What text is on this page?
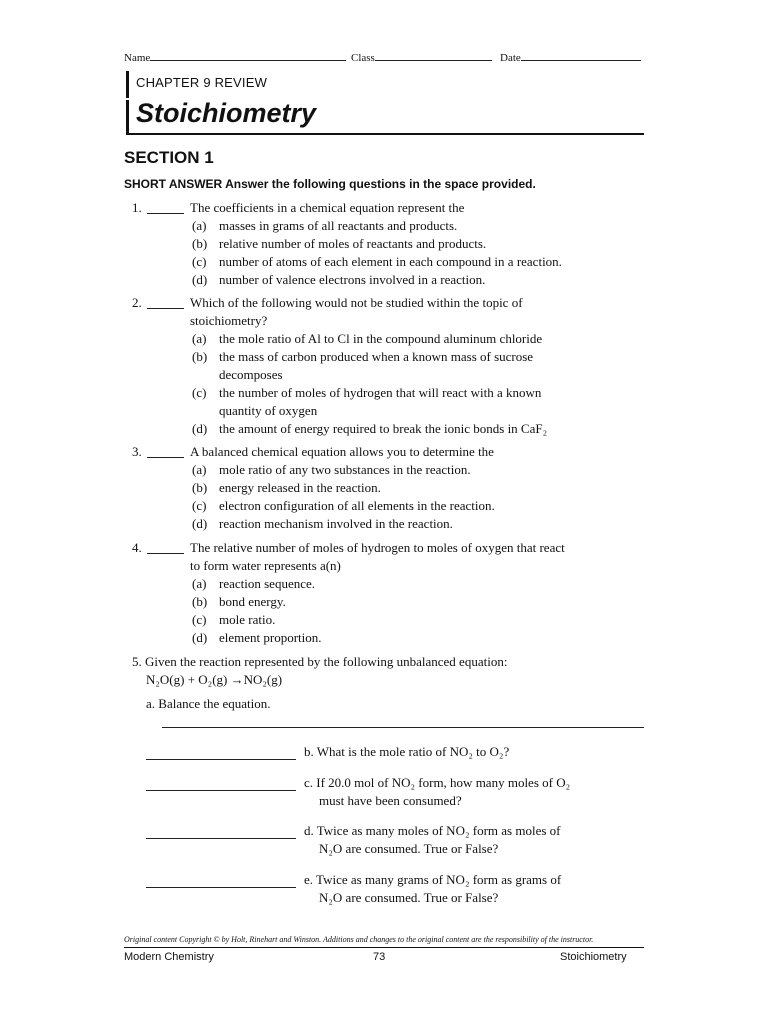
Name	Class	Date
CHAPTER 9 REVIEW
Stoichiometry
SECTION 1
SHORT ANSWER Answer the following questions in the space provided.
1.	The coefficients in a chemical equation represent the
(a) masses in grams of all reactants and products.
(b) relative number of moles of reactants and products.
(c) number of atoms of each element in each compound in a reaction.
(d) number of valence electrons involved in a reaction.
2.	Which of the following would not be studied within the topic of
stoichiometry?
(a) the mole ratio of Al to Cl in the compound aluminum chloride
(b) the mass of carbon produced when a known mass of sucrose
decomposes
(c) the number of moles of hydrogen that will react with a known
quantity of oxygen
(d) the amount of energy required to break the ionic bonds in CaF₂
3.	A balanced chemical equation allows you to determine the
(a) mole ratio of any two substances in the reaction.
(b) energy released in the reaction.
(c) electron configuration of all elements in the reaction.
(d) reaction mechanism involved in the reaction.
4.	The relative number of moles of hydrogen to moles of oxygen that react
to form water represents a(n)
(a) reaction sequence.
(b) bond energy.
(c) mole ratio.
(d) element proportion.
5. Given the reaction represented by the following unbalanced equation:
N₂O(g) + O₂(g) →NO₂(g)
a. Balance the equation.
b. What is the mole ratio of NO₂ to O₂?
c. If 20.0 mol of NO₂ form, how many moles of O₂
must have been consumed?
d. Twice as many moles of NO₂ form as moles of
N₂O are consumed. True or False?
e. Twice as many grams of NO₂ form as grams of
N₂O are consumed. True or False?
Original content Copyright © by Holt, Rinehart and Winston. Additions and changes to the original content are the responsibility of the instructor.
Modern Chemistry	73	Stoichiometry
